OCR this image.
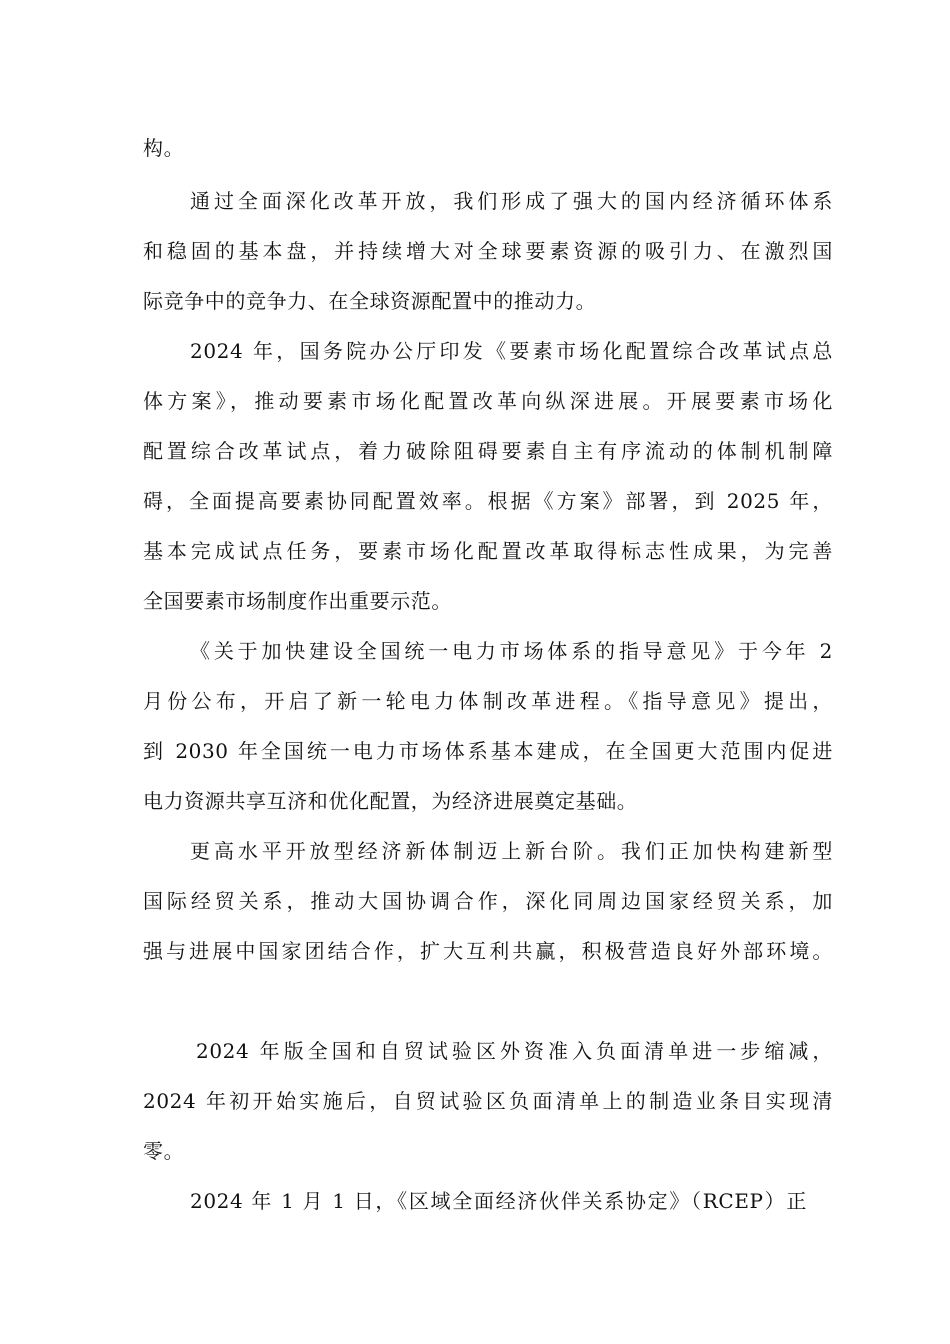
构。

通过全面深化改革开放，我们形成了强大的国内经济循环体系

和稳固的基本盘，并持续增大对全球要素资源的吸引力、在激烈国

际竞争中的竞争力、在全球资源配置中的推动力。

2024 年，国务院办公厅印发《要素市场化配置综合改革试点总

体方案》，推动要素市场化配置改革向纵深进展。开展要素市场化

配置综合改革试点，着力破除阻碍要素自主有序流动的体制机制障

碍，全面提高要素协同配置效率。根据《方案》部署，到 2025 年，

基本完成试点任务，要素市场化配置改革取得标志性成果，为完善

全国要素市场制度作出重要示范。

《关于加快建设全国统一电力市场体系的指导意见》于今年 2

月份公布，开启了新一轮电力体制改革进程。《指导意见》提出，

到 2030 年全国统一电力市场体系基本建成，在全国更大范围内促进

电力资源共享互济和优化配置，为经济进展奠定基础。

更高水平开放型经济新体制迈上新台阶。我们正加快构建新型

国际经贸关系，推动大国协调合作，深化同周边国家经贸关系，加

强与进展中国家团结合作，扩大互利共赢，积极营造良好外部环境。

2024 年版全国和自贸试验区外资准入负面清单进一步缩减，

2024 年初开始实施后，自贸试验区负面清单上的制造业条目实现清

零。

2024 年 1 月 1 日，《区域全面经济伙伴关系协定》（RCEP）正
